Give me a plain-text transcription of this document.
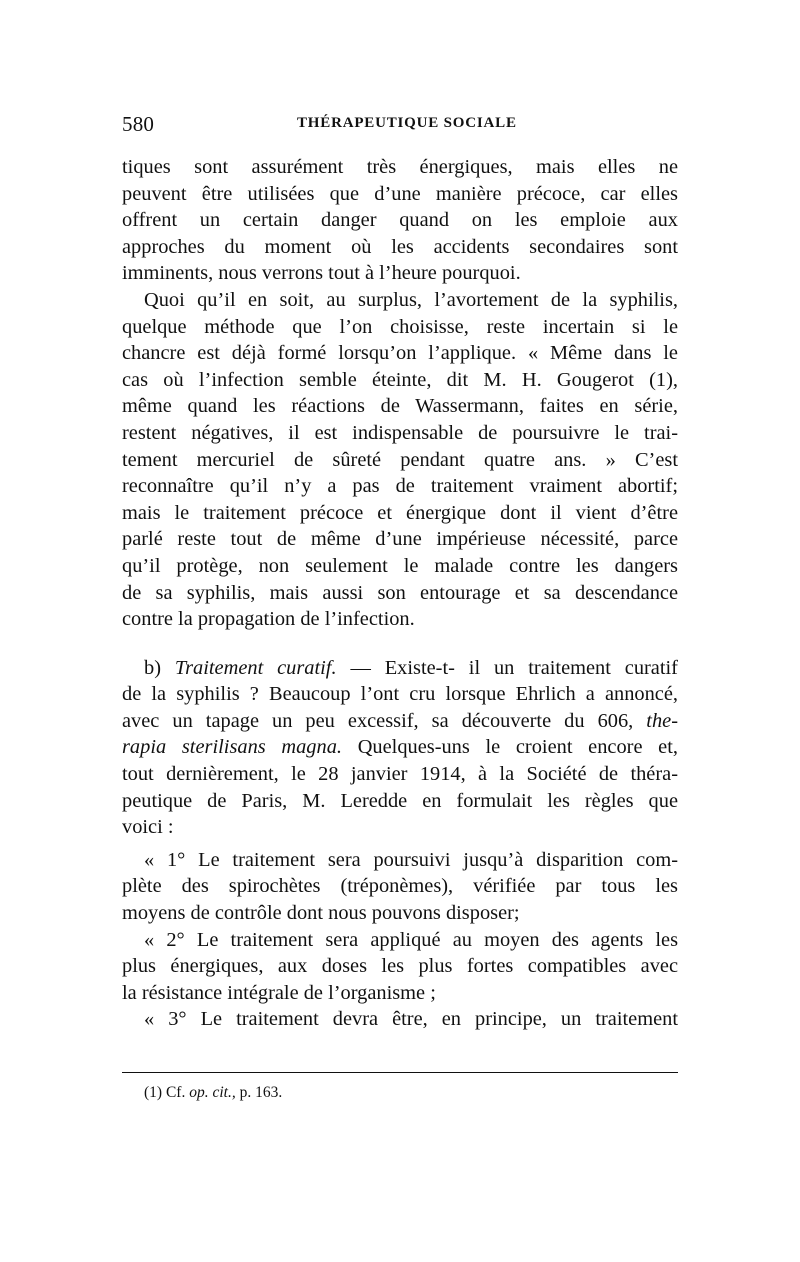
580	THÉRAPEUTIQUE SOCIALE
tiques sont assurément très énergiques, mais elles ne
peuvent être utilisées que d’une manière précoce, car elles
offrent un certain danger quand on les emploie aux
approches du moment où les accidents secondaires sont
imminents, nous verrons tout à l’heure pourquoi.
Quoi qu’il en soit, au surplus, l’avortement de la syphilis,
quelque méthode que l’on choisisse, reste incertain si le
chancre est déjà formé lorsqu’on l’applique. « Même dans le
cas où l’infection semble éteinte, dit M. H. Gougerot (1),
même quand les réactions de Wassermann, faites en série,
restent négatives, il est indispensable de poursuivre le trai-
tement mercuriel de sûreté pendant quatre ans. » C’est
reconnaître qu’il n’y a pas de traitement vraiment abortif;
mais le traitement précoce et énergique dont il vient d’être
parlé reste tout de même d’une impérieuse nécessité, parce
qu’il protège, non seulement le malade contre les dangers
de sa syphilis, mais aussi son entourage et sa descendance
contre la propagation de l’infection.
b) Traitement curatif. — Existe-t- il un traitement curatif
de la syphilis ? Beaucoup l’ont cru lorsque Ehrlich a annoncé,
avec un tapage un peu excessif, sa découverte du 606, the-
rapia sterilisans magna. Quelques-uns le croient encore et,
tout dernièrement, le 28 janvier 1914, à la Société de théra-
peutique de Paris, M. Leredde en formulait les règles que
voici :
« 1° Le traitement sera poursuivi jusqu’à disparition com-
plète des spirochètes (tréponèmes), vérifiée par tous les
moyens de contrôle dont nous pouvons disposer;
« 2° Le traitement sera appliqué au moyen des agents les
plus énergiques, aux doses les plus fortes compatibles avec
la résistance intégrale de l’organisme ;
« 3° Le traitement devra être, en principe, un traitement
(1) Cf. op. cit., p. 163.
